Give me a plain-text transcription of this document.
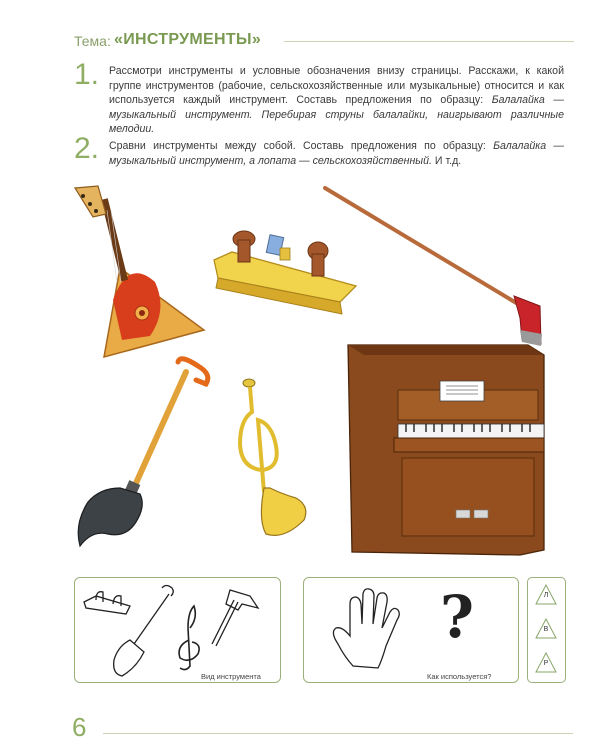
Тема: «ИНСТРУМЕНТЫ»
1. Рассмотри инструменты и условные обозначения внизу страницы. Расскажи, к какой группе инструментов (рабочие, сельскохозяйственные или музыкальные) относится и как используется каждый инструмент. Составь предложения по образцу: Балалайка — музыкальный инструмент. Перебирая струны балалайки, наигрывают различные мелодии.
2. Сравни инструменты между собой. Составь предложения по образцу: Балалайка — музыкальный инструмент, а лопата — сельскохозяйственный. И т.д.
Вид инструмента
?
Как используется?
Л
В
Р
6
